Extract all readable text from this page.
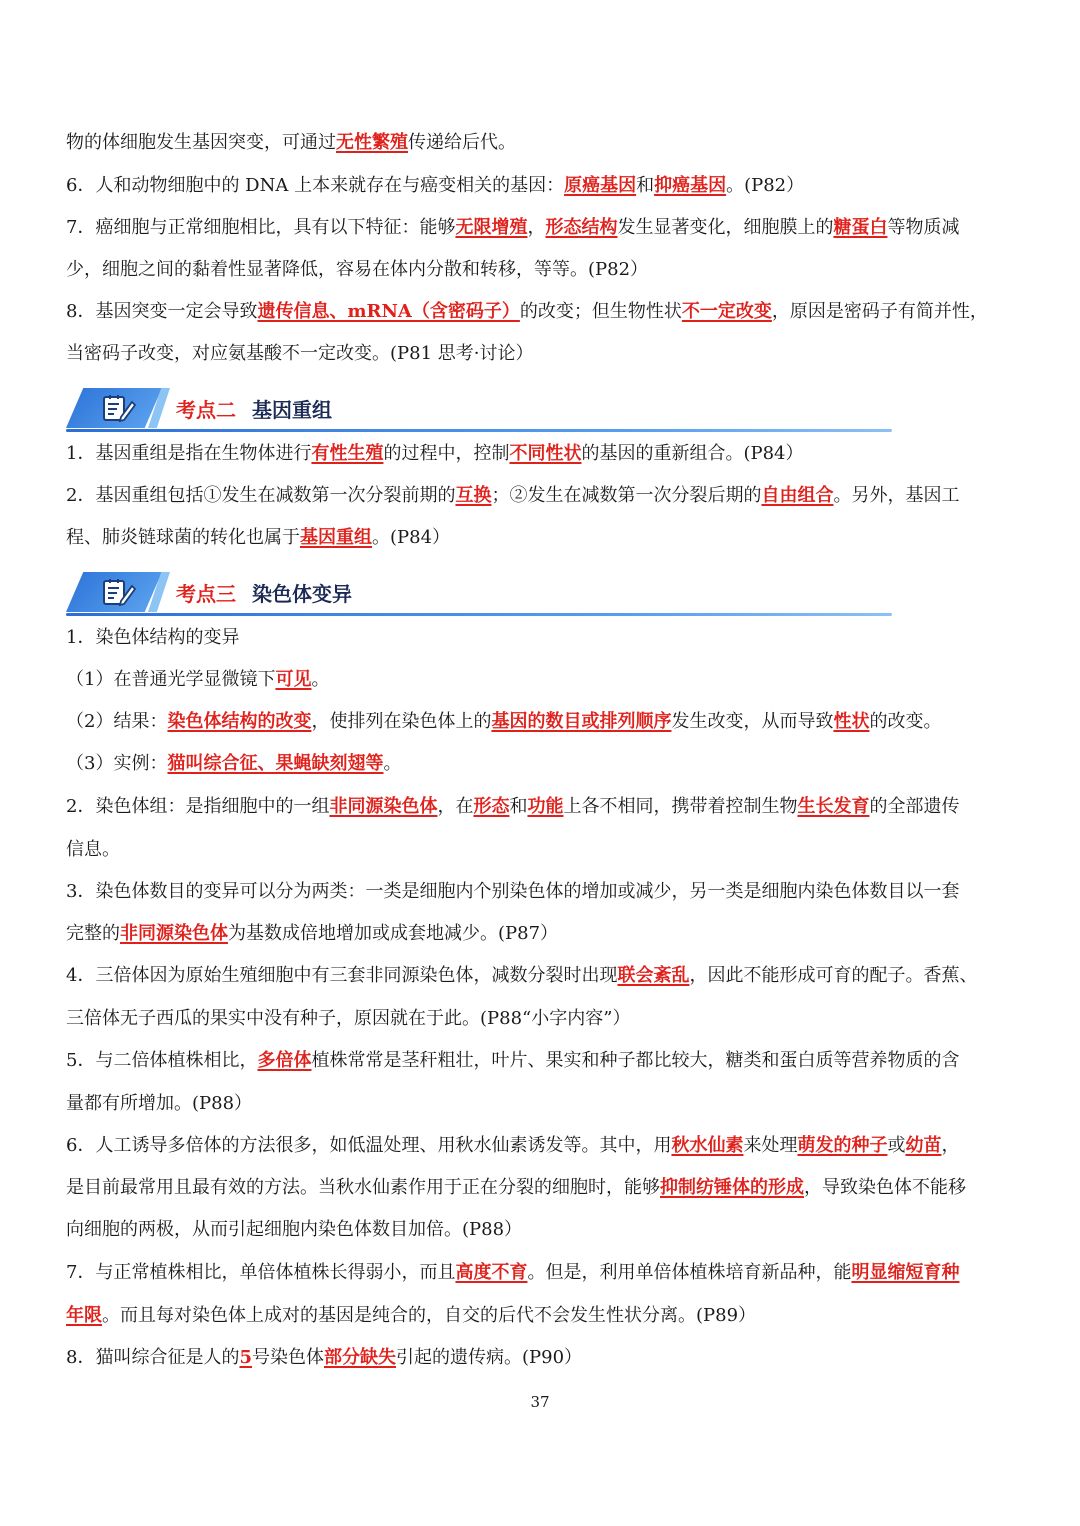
物的体细胞发生基因突变，可通过无性繁殖传递给后代。
6．人和动物细胞中的 DNA 上本来就存在与癌变相关的基因：原癌基因和抑癌基因。(P82）
7．癌细胞与正常细胞相比，具有以下特征：能够无限增殖，形态结构发生显著变化，细胞膜上的糖蛋白等物质减
少，细胞之间的黏着性显著降低，容易在体内分散和转移，等等。(P82）
8．基因突变一定会导致遗传信息、mRNA（含密码子）的改变；但生物性状不一定改变，原因是密码子有简并性，
当密码子改变，对应氨基酸不一定改变。(P81 思考·讨论）
1．基因重组是指在生物体进行有性生殖的过程中，控制不同性状的基因的重新组合。(P84）
2．基因重组包括①发生在减数第一次分裂前期的互换；②发生在减数第一次分裂后期的自由组合。另外，基因工
程、肺炎链球菌的转化也属于基因重组。(P84）
1．染色体结构的变异
（1）在普通光学显微镜下可见。
（2）结果：染色体结构的改变，使排列在染色体上的基因的数目或排列顺序发生改变，从而导致性状的改变。
（3）实例：猫叫综合征、果蝇缺刻翅等。
2．染色体组：是指细胞中的一组非同源染色体，在形态和功能上各不相同，携带着控制生物生长发育的全部遗传
信息。
3．染色体数目的变异可以分为两类：一类是细胞内个别染色体的增加或减少，另一类是细胞内染色体数目以一套
完整的非同源染色体为基数成倍地增加或成套地减少。(P87）
4．三倍体因为原始生殖细胞中有三套非同源染色体，减数分裂时出现联会紊乱，因此不能形成可育的配子。香蕉、
三倍体无子西瓜的果实中没有种子，原因就在于此。(P88“小字内容”）
5．与二倍体植株相比，多倍体植株常常是茎秆粗壮，叶片、果实和种子都比较大，糖类和蛋白质等营养物质的含
量都有所增加。(P88）
6．人工诱导多倍体的方法很多，如低温处理、用秋水仙素诱发等。其中，用秋水仙素来处理萌发的种子或幼苗，
是目前最常用且最有效的方法。当秋水仙素作用于正在分裂的细胞时，能够抑制纺锤体的形成，导致染色体不能移
向细胞的两极，从而引起细胞内染色体数目加倍。(P88）
7．与正常植株相比，单倍体植株长得弱小，而且高度不育。但是，利用单倍体植株培育新品种，能明显缩短育种
年限。而且每对染色体上成对的基因是纯合的，自交的后代不会发生性状分离。(P89）
8．猫叫综合征是人的5号染色体部分缺失引起的遗传病。(P90）
考点二 基因重组
考点三 染色体变异
37
